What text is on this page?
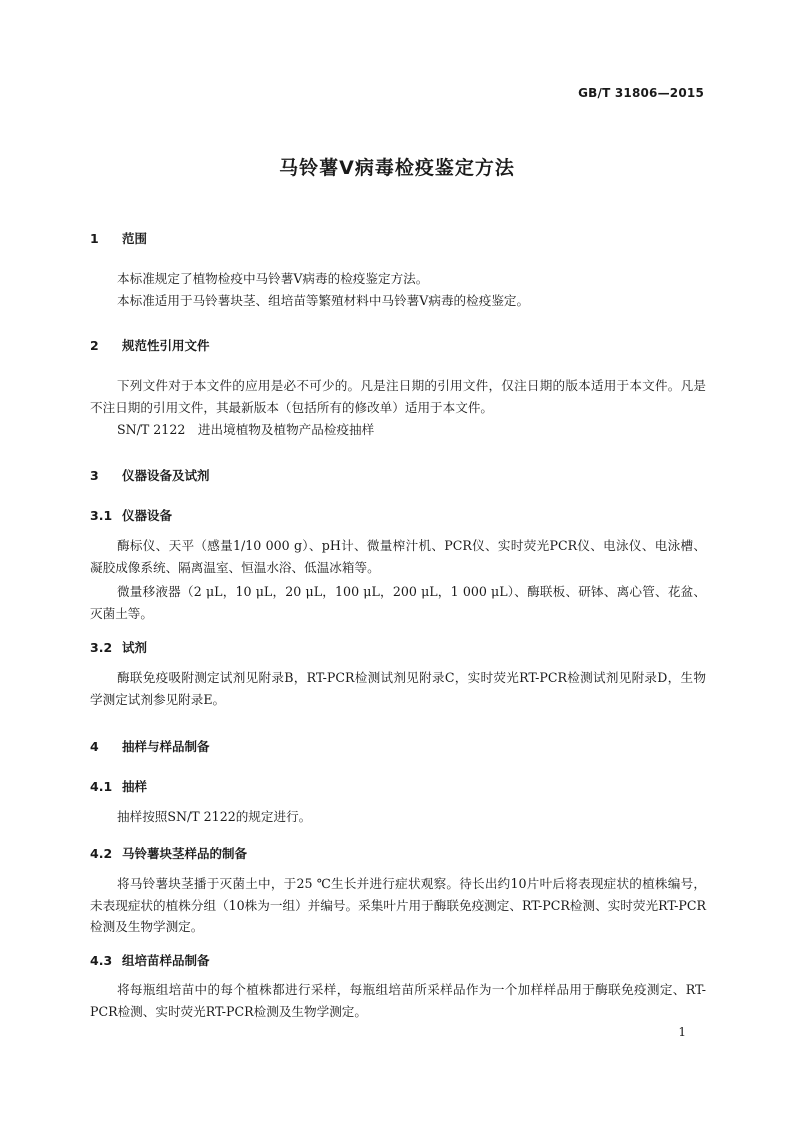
GB/T 31806—2015
马铃薯V病毒检疫鉴定方法
1 范围
本标准规定了植物检疫中马铃薯V病毒的检疫鉴定方法。
本标准适用于马铃薯块茎、组培苗等繁殖材料中马铃薯V病毒的检疫鉴定。
2 规范性引用文件
下列文件对于本文件的应用是必不可少的。凡是注日期的引用文件，仅注日期的版本适用于本文件。凡是不注日期的引用文件，其最新版本（包括所有的修改单）适用于本文件。
SN/T 2122　进出境植物及植物产品检疫抽样
3 仪器设备及试剂
3.1 仪器设备
酶标仪、天平（感量1/10 000 g）、pH计、微量榨汁机、PCR仪、实时荧光PCR仪、电泳仪、电泳槽、凝胶成像系统、隔离温室、恒温水浴、低温冰箱等。
微量移液器（2 μL，10 μL，20 μL，100 μL，200 μL，1 000 μL）、酶联板、研钵、离心管、花盆、灭菌土等。
3.2 试剂
酶联免疫吸附测定试剂见附录B，RT-PCR检测试剂见附录C，实时荧光RT-PCR检测试剂见附录D，生物学测定试剂参见附录E。
4 抽样与样品制备
4.1 抽样
抽样按照SN/T 2122的规定进行。
4.2 马铃薯块茎样品的制备
将马铃薯块茎播于灭菌土中，于25 ℃生长并进行症状观察。待长出约10片叶后将表现症状的植株编号，未表现症状的植株分组（10株为一组）并编号。采集叶片用于酶联免疫测定、RT-PCR检测、实时荧光RT-PCR检测及生物学测定。
4.3 组培苗样品制备
将每瓶组培苗中的每个植株都进行采样，每瓶组培苗所采样品作为一个加样样品用于酶联免疫测定、RT-PCR检测、实时荧光RT-PCR检测及生物学测定。
1
